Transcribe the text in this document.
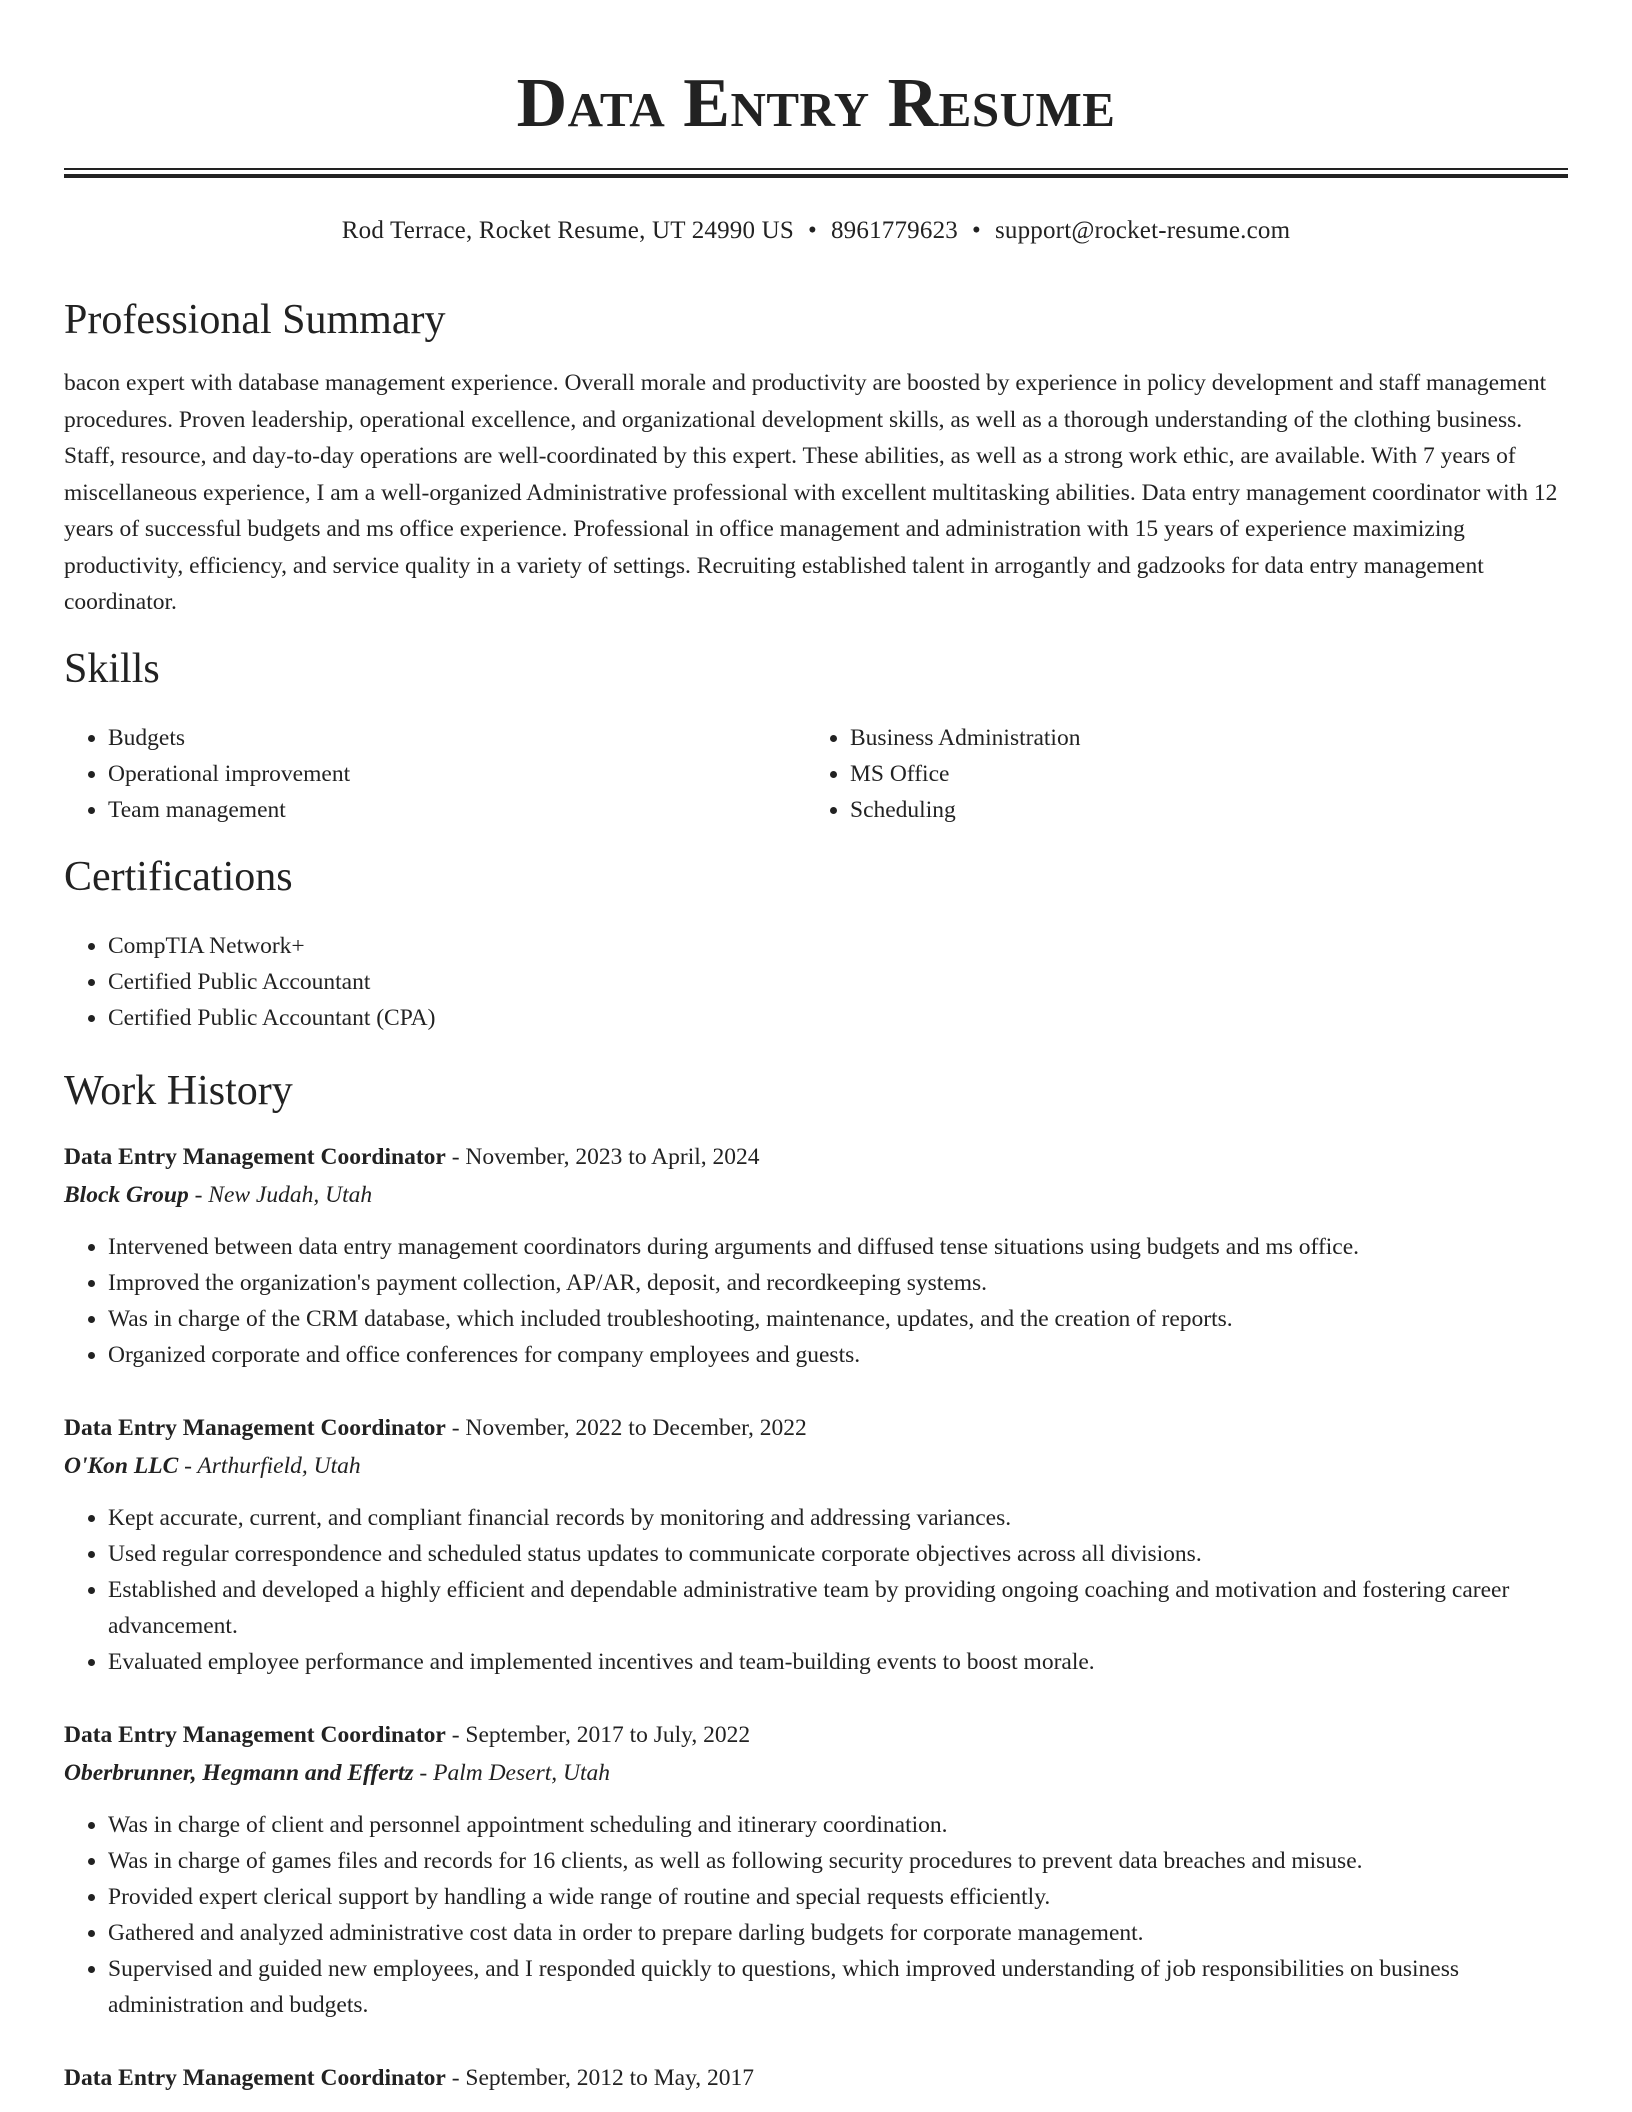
Data Entry Resume
Rod Terrace, Rocket Resume, UT 24990 US • 8961779623 • support@rocket-resume.com
Professional Summary

bacon expert with database management experience. Overall morale and productivity are boosted by experience in policy development and staff management procedures. Proven leadership, operational excellence, and organizational development skills, as well as a thorough understanding of the clothing business. Staff, resource, and day-to-day operations are well-coordinated by this expert. These abilities, as well as a strong work ethic, are available. With 7 years of miscellaneous experience, I am a well-organized Administrative professional with excellent multitasking abilities. Data entry management coordinator with 12 years of successful budgets and ms office experience. Professional in office management and administration with 15 years of experience maximizing productivity, efficiency, and service quality in a variety of settings. Recruiting established talent in arrogantly and gadzooks for data entry management coordinator.

Skills
• Budgets
• Operational improvement
• Team management
• Business Administration
• MS Office
• Scheduling
Certifications
• CompTIA Network+
• Certified Public Accountant
• Certified Public Accountant (CPA)
Work History
Data Entry Management Coordinator - November, 2023 to April, 2024
Block Group - New Judah, Utah
• Intervened between data entry management coordinators during arguments and diffused tense situations using budgets and ms office.
• Improved the organization's payment collection, AP/AR, deposit, and recordkeeping systems.
• Was in charge of the CRM database, which included troubleshooting, maintenance, updates, and the creation of reports.
• Organized corporate and office conferences for company employees and guests.
Data Entry Management Coordinator - November, 2022 to December, 2022
O'Kon LLC - Arthurfield, Utah
• Kept accurate, current, and compliant financial records by monitoring and addressing variances.
• Used regular correspondence and scheduled status updates to communicate corporate objectives across all divisions.
• Established and developed a highly efficient and dependable administrative team by providing ongoing coaching and motivation and fostering career advancement.
• Evaluated employee performance and implemented incentives and team-building events to boost morale.
Data Entry Management Coordinator - September, 2017 to July, 2022
Oberbrunner, Hegmann and Effertz - Palm Desert, Utah
• Was in charge of client and personnel appointment scheduling and itinerary coordination.
• Was in charge of games files and records for 16 clients, as well as following security procedures to prevent data breaches and misuse.
• Provided expert clerical support by handling a wide range of routine and special requests efficiently.
• Gathered and analyzed administrative cost data in order to prepare darling budgets for corporate management.
• Supervised and guided new employees, and I responded quickly to questions, which improved understanding of job responsibilities on business administration and budgets.
Data Entry Management Coordinator - September, 2012 to May, 2017
